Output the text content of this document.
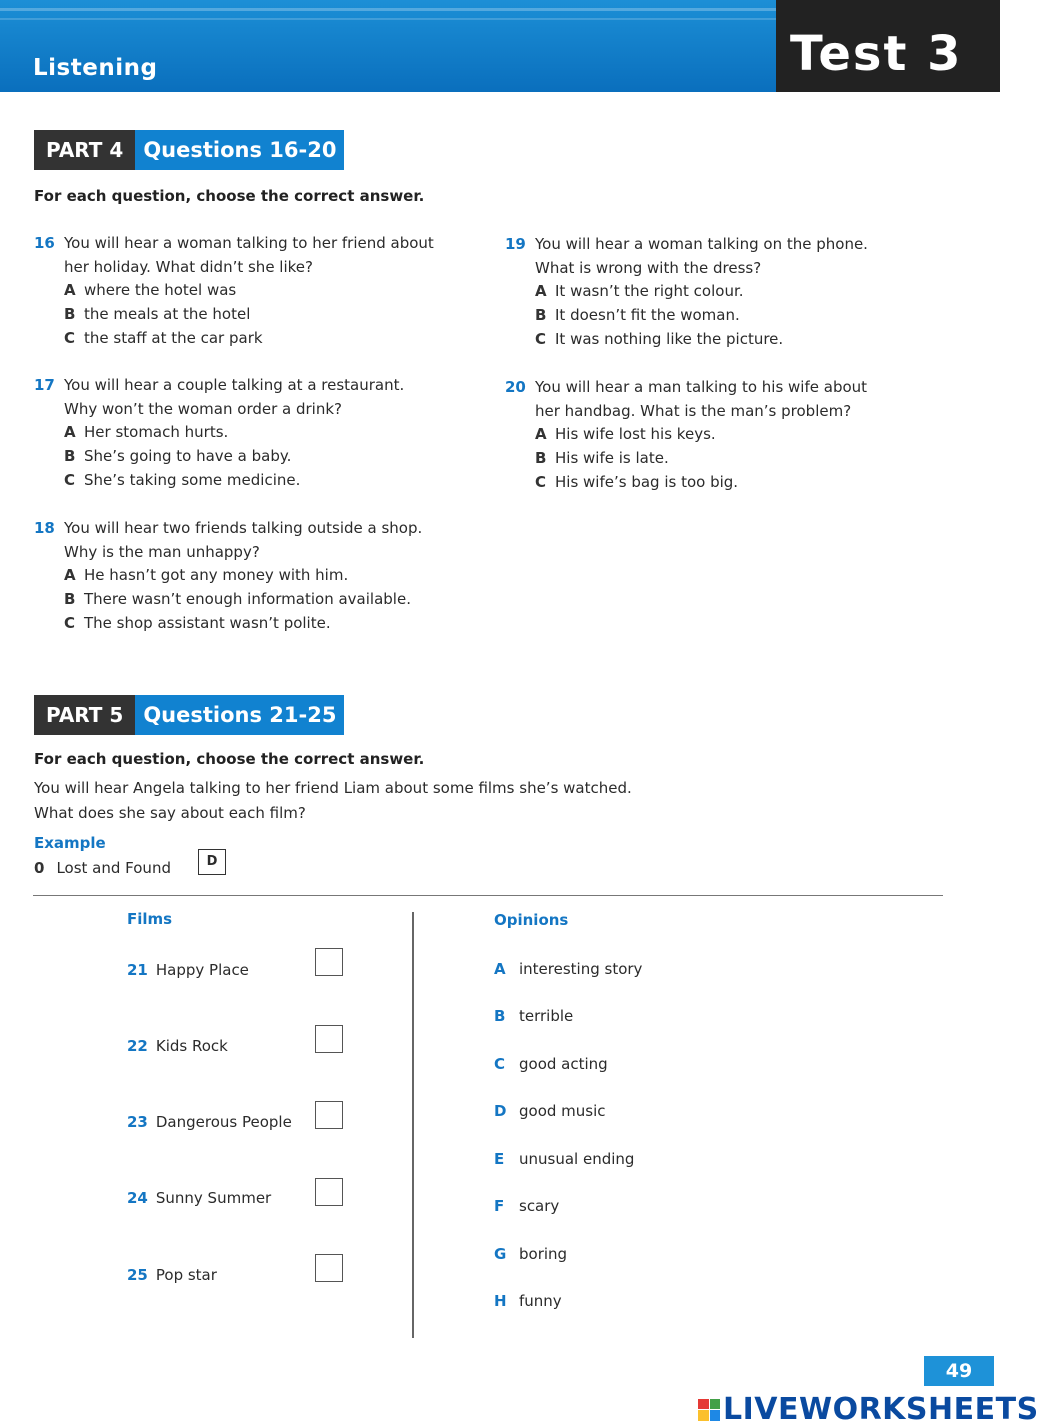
Listening	Test 3
PART 4 Questions 16-20
For each question, choose the correct answer.
16 You will hear a woman talking to her friend about
her holiday. What didn’t she like?
A where the hotel was
B the meals at the hotel
C the staff at the car park
17 You will hear a couple talking at a restaurant.
Why won’t the woman order a drink?
A Her stomach hurts.
B She’s going to have a baby.
C She’s taking some medicine.
18 You will hear two friends talking outside a shop.
Why is the man unhappy?
A He hasn’t got any money with him.
B There wasn’t enough information available.
C The shop assistant wasn’t polite.
19 You will hear a woman talking on the phone.
What is wrong with the dress?
A It wasn’t the right colour.
B It doesn’t fit the woman.
C It was nothing like the picture.
20 You will hear a man talking to his wife about
her handbag. What is the man’s problem?
A His wife lost his keys.
B His wife is late.
C His wife’s bag is too big.
PART 5 Questions 21-25
For each question, choose the correct answer.
You will hear Angela talking to her friend Liam about some films she’s watched.
What does she say about each film?
Example
0 Lost and Found	D
Films	Opinions
21 Happy Place
22 Kids Rock
23 Dangerous People
24 Sunny Summer
25 Pop star
A interesting story
B terrible
C good acting
D good music
E unusual ending
F scary
G boring
H funny
49
LIVEWORKSHEETS
